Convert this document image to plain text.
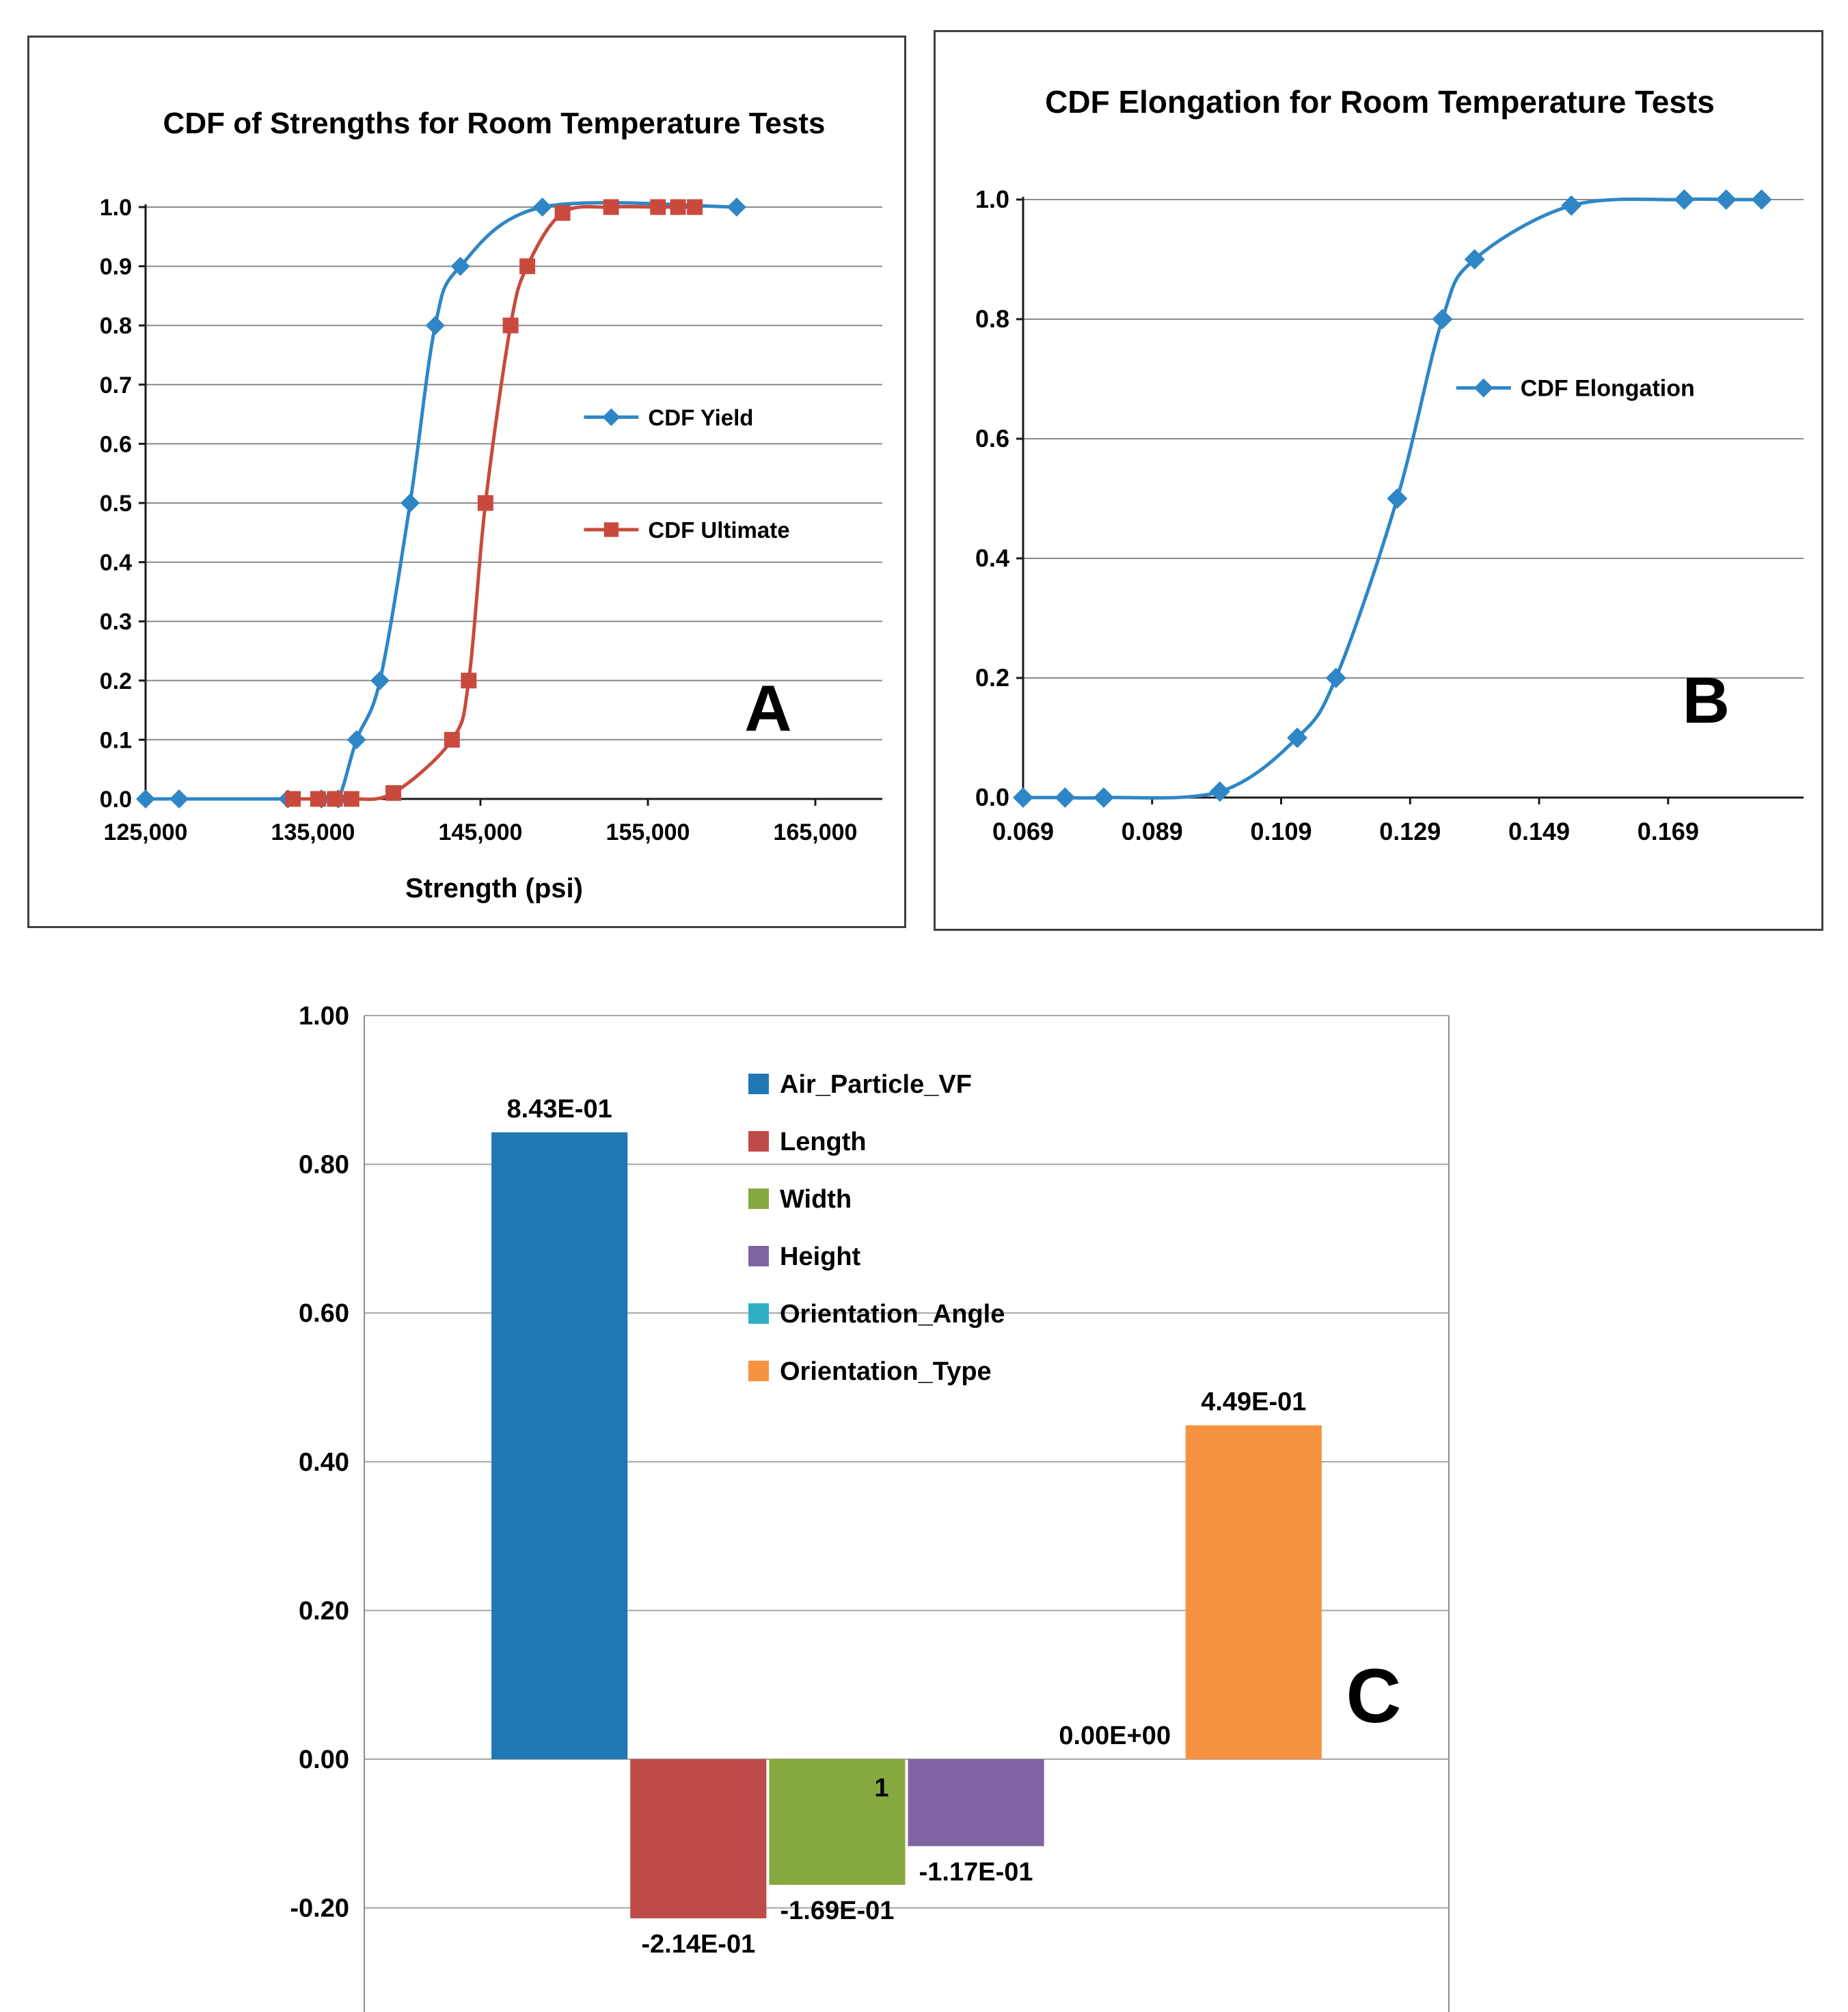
0.0
0.1
0.2
0.3
0.4
0.5
0.6
0.7
0.8
0.9
1.0
125,000	135,000	145,000	155,000	165,000
CDF of Strengths for Room Temperature Tests
Strength (psi)
CDF Yield
CDF Ultimate
A
0.0
0.2
0.4
0.6
0.8
1.0
0.069	0.089	0.109	0.129	0.149	0.169
CDF Elongation for Room Temperature Tests
CDF Elongation
B
1.00
0.80
0.60
0.40
0.20
0.00
-0.20
8.43E-01
-2.14E-01
-1.69E-01
-1.17E-01
0.00E+00
4.49E-01
Air_Particle_VF
Length
Width
Height
Orientation_Angle
Orientation_Type
1
C
